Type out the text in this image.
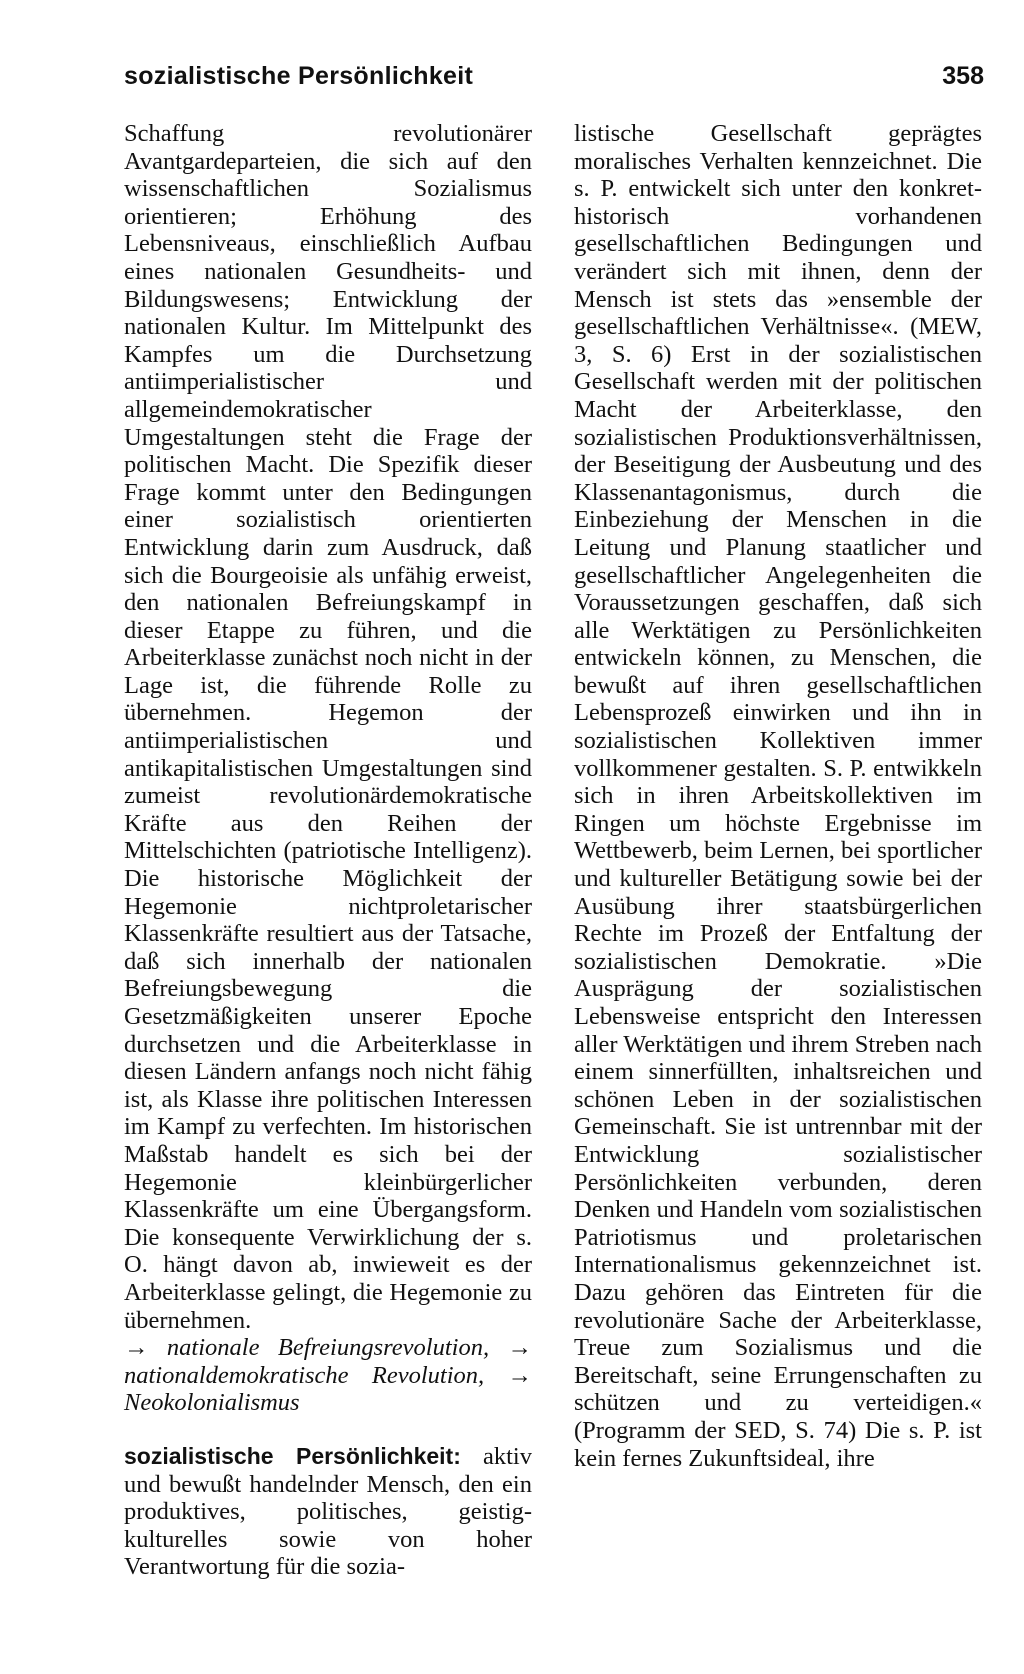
sozialistische Persönlichkeit	358

Schaffung revolutionärer Avantgardeparteien, die sich auf den wissenschaftlichen Sozialismus orientieren; Erhöhung des Lebensniveaus, einschließlich Aufbau eines nationalen Gesundheits- und Bildungswesens; Entwicklung der nationalen Kultur. Im Mittelpunkt des Kampfes um die Durchsetzung antiimperialistischer und allgemeindemokratischer Umgestaltungen steht die Frage der politischen Macht. Die Spezifik dieser Frage kommt unter den Bedingungen einer sozialistisch orientierten Entwicklung darin zum Ausdruck, daß sich die Bourgeoisie als unfähig erweist, den nationalen Befreiungskampf in dieser Etappe zu führen, und die Arbeiterklasse zunächst noch nicht in der Lage ist, die führende Rolle zu übernehmen. Hegemon der antiimperialistischen und antikapitalistischen Umgestaltungen sind zumeist revolutionärdemokratische Kräfte aus den Reihen der Mittelschichten (patriotische Intelligenz). Die historische Möglichkeit der Hegemonie nichtproletarischer Klassenkräfte resultiert aus der Tatsache, daß sich innerhalb der nationalen Befreiungsbewegung die Gesetzmäßigkeiten unserer Epoche durchsetzen und die Arbeiterklasse in diesen Ländern anfangs noch nicht fähig ist, als Klasse ihre politischen Interessen im Kampf zu verfechten. Im historischen Maßstab handelt es sich bei der Hegemonie kleinbürgerlicher Klassenkräfte um eine Übergangsform. Die konsequente Verwirklichung der s. O. hängt davon ab, inwieweit es der Arbeiterklasse gelingt, die Hegemonie zu übernehmen.

→ nationale Befreiungsrevolution, → nationaldemokratische Revolution, → Neokolonialismus

sozialistische Persönlichkeit: aktiv und bewußt handelnder Mensch, den ein produktives, politisches, geistig-kulturelles sowie von hoher Verantwortung für die sozia-

listische Gesellschaft geprägtes moralisches Verhalten kennzeichnet. Die s. P. entwickelt sich unter den konkret-historisch vorhandenen gesellschaftlichen Bedingungen und verändert sich mit ihnen, denn der Mensch ist stets das »ensemble der gesellschaftlichen Verhältnisse«. (MEW, 3, S. 6) Erst in der sozialistischen Gesellschaft werden mit der politischen Macht der Arbeiterklasse, den sozialistischen Produktionsverhältnissen, der Beseitigung der Ausbeutung und des Klassenantagonismus, durch die Einbeziehung der Menschen in die Leitung und Planung staatlicher und gesellschaftlicher Angelegenheiten die Voraussetzungen geschaffen, daß sich alle Werktätigen zu Persönlichkeiten entwickeln können, zu Menschen, die bewußt auf ihren gesellschaftlichen Lebensprozeß einwirken und ihn in sozialistischen Kollektiven immer vollkommener gestalten. S. P. entwikkeln sich in ihren Arbeitskollektiven im Ringen um höchste Ergebnisse im Wettbewerb, beim Lernen, bei sportlicher und kultureller Betätigung sowie bei der Ausübung ihrer staatsbürgerlichen Rechte im Prozeß der Entfaltung der sozialistischen Demokratie. »Die Ausprägung der sozialistischen Lebensweise entspricht den Interessen aller Werktätigen und ihrem Streben nach einem sinnerfüllten, inhaltsreichen und schönen Leben in der sozialistischen Gemeinschaft. Sie ist untrennbar mit der Entwicklung sozialistischer Persönlichkeiten verbunden, deren Denken und Handeln vom sozialistischen Patriotismus und proletarischen Internationalismus gekennzeichnet ist. Dazu gehören das Eintreten für die revolutionäre Sache der Arbeiterklasse, Treue zum Sozialismus und die Bereitschaft, seine Errungenschaften zu schützen und zu verteidigen.« (Programm der SED, S. 74) Die s. P. ist kein fernes Zukunftsideal, ihre
